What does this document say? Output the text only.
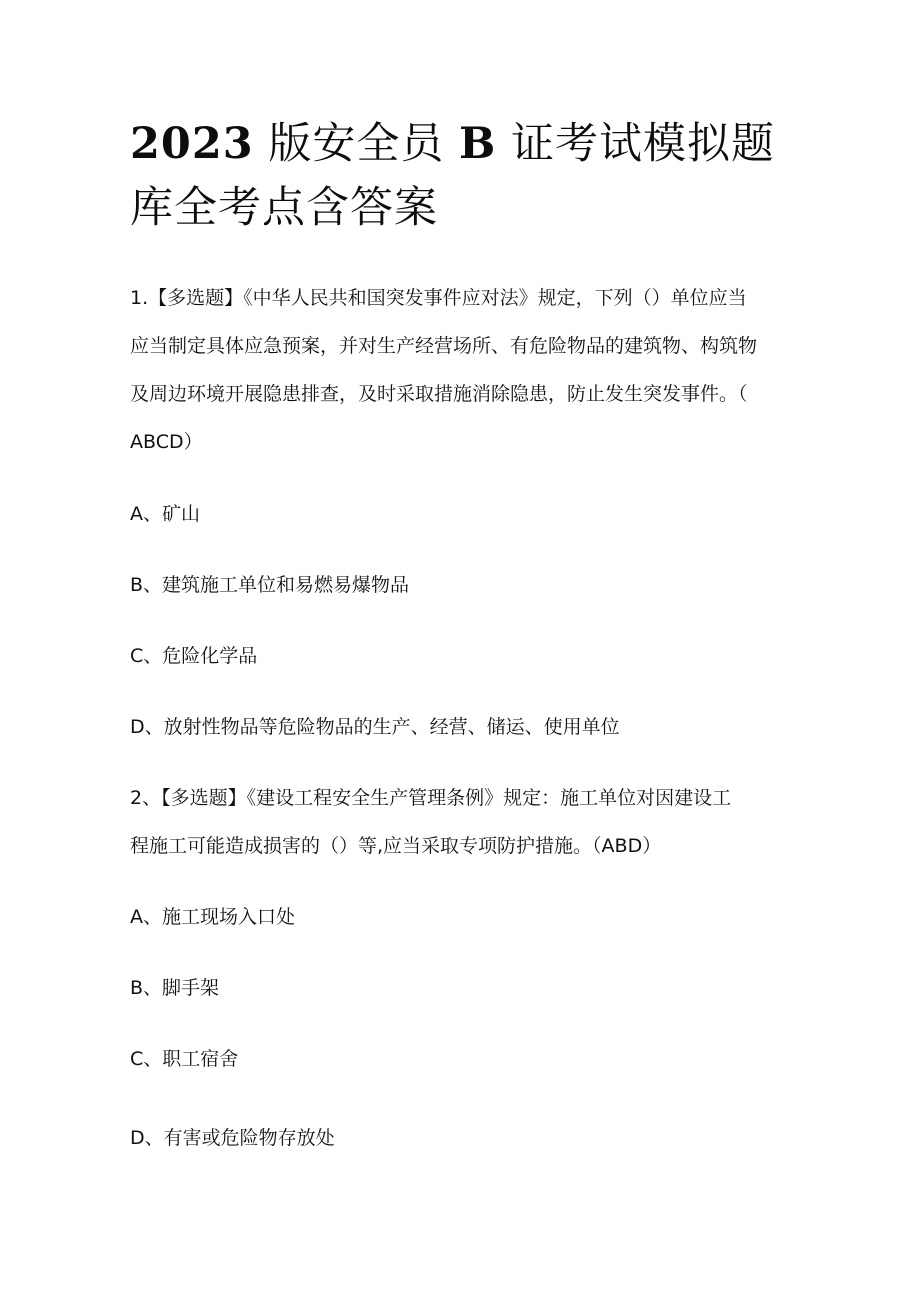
2023 版安全员 B 证考试模拟题库全考点含答案

1.【多选题】《中华人民共和国突发事件应对法》规定，下列（）单位应当

应当制定具体应急预案，并对生产经营场所、有危险物品的建筑物、构筑物

及周边环境开展隐患排查，及时采取措施消除隐患，防止发生突发事件。（

ABCD）

A、矿山

B、建筑施工单位和易燃易爆物品

C、危险化学品

D、放射性物品等危险物品的生产、经营、储运、使用单位

2、【多选题】《建设工程安全生产管理条例》规定：施工单位对因建设工

程施工可能造成损害的（）等,应当采取专项防护措施。（ABD）

A、施工现场入口处

B、脚手架

C、职工宿舍

D、有害或危险物存放处
